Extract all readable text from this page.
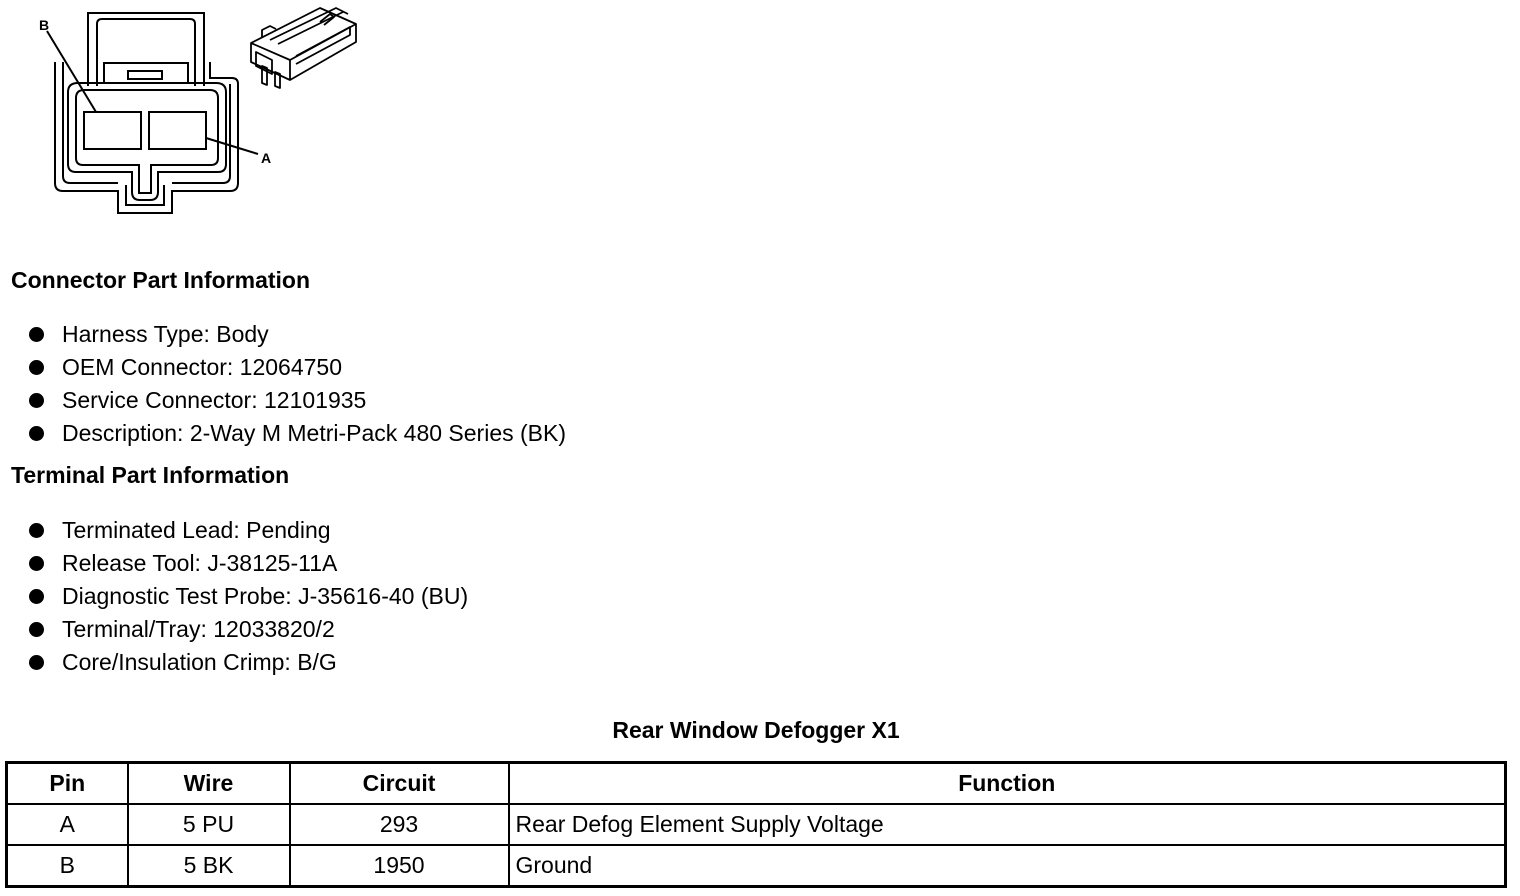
B
A
Connector Part Information
Harness Type: Body
OEM Connector: 12064750
Service Connector: 12101935
Description: 2-Way M Metri-Pack 480 Series (BK)
Terminal Part Information
Terminated Lead: Pending
Release Tool: J-38125-11A
Diagnostic Test Probe: J-35616-40 (BU)
Terminal/Tray: 12033820/2
Core/Insulation Crimp: B/G
Rear Window Defogger X1
Pin	Wire	Circuit	Function
A	5 PU	293	Rear Defog Element Supply Voltage
B	5 BK	1950	Ground
